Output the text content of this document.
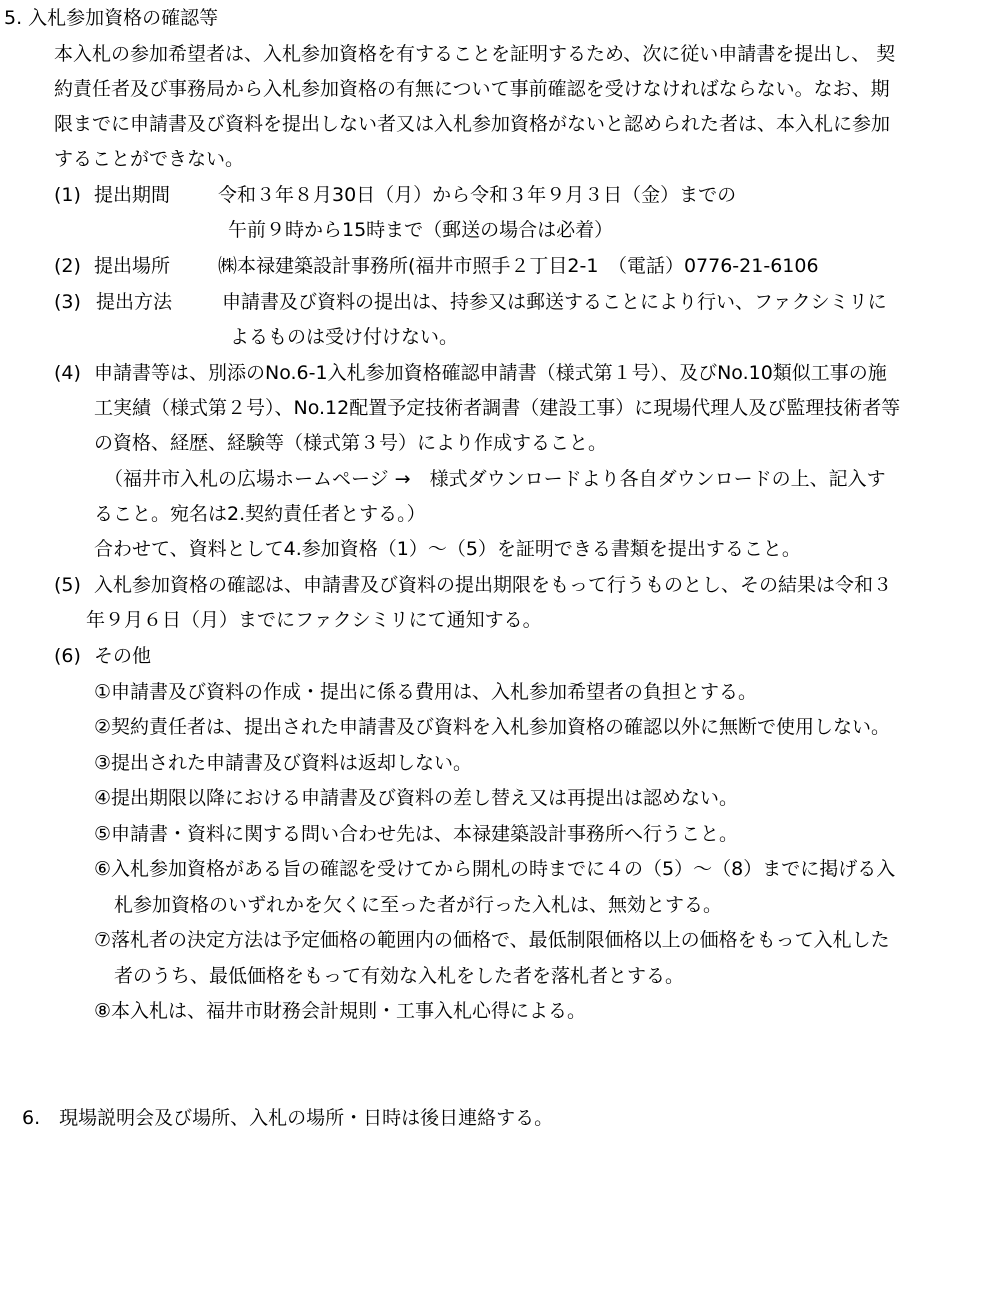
5. 入札参加資格の確認等
本入札の参加希望者は、入札参加資格を有することを証明するため、次に従い申請書を提出し、 契
約責任者及び事務局から入札参加資格の有無について事前確認を受けなければならない。なお、期
限までに申請書及び資料を提出しない者又は入札参加資格がないと認められた者は、本入札に参加
することができない。
(1) 提出期間	令和３年８月30日（月）から令和３年９月３日（金）までの
午前９時から15時まで（郵送の場合は必着）
(2) 提出場所	㈱本禄建築設計事務所(福井市照手２丁目2-1　（電話）0776-21-6106
(3) 提出方法	申請書及び資料の提出は、持参又は郵送することにより行い、ファクシミリに
よるものは受け付けない。
(4) 申請書等は、別添のNo.6-1入札参加資格確認申請書（様式第１号）、及びNo.10類似工事の施
工実績（様式第２号）、No.12配置予定技術者調書（建設工事）に現場代理人及び監理技術者等
の資格、経歴、経験等（様式第３号）により作成すること。
（福井市入札の広場ホームページ →　様式ダウンロードより各自ダウンロードの上、記入す
ること。宛名は2.契約責任者とする。）
合わせて、資料として4.参加資格（1）～（5）を証明できる書類を提出すること。
(5) 入札参加資格の確認は、申請書及び資料の提出期限をもって行うものとし、その結果は令和３
年９月６日（月）までにファクシミリにて通知する。
(6) その他
①申請書及び資料の作成・提出に係る費用は、入札参加希望者の負担とする。
②契約責任者は、提出された申請書及び資料を入札参加資格の確認以外に無断で使用しない。
③提出された申請書及び資料は返却しない。
④提出期限以降における申請書及び資料の差し替え又は再提出は認めない。
⑤申請書・資料に関する問い合わせ先は、本禄建築設計事務所へ行うこと。
⑥入札参加資格がある旨の確認を受けてから開札の時までに４の（5）～（8）までに掲げる入
札参加資格のいずれかを欠くに至った者が行った入札は、無効とする。
⑦落札者の決定方法は予定価格の範囲内の価格で、最低制限価格以上の価格をもって入札した
者のうち、最低価格をもって有効な入札をした者を落札者とする。
⑧本入札は、福井市財務会計規則・工事入札心得による。
6.　現場説明会及び場所、入札の場所・日時は後日連絡する。
